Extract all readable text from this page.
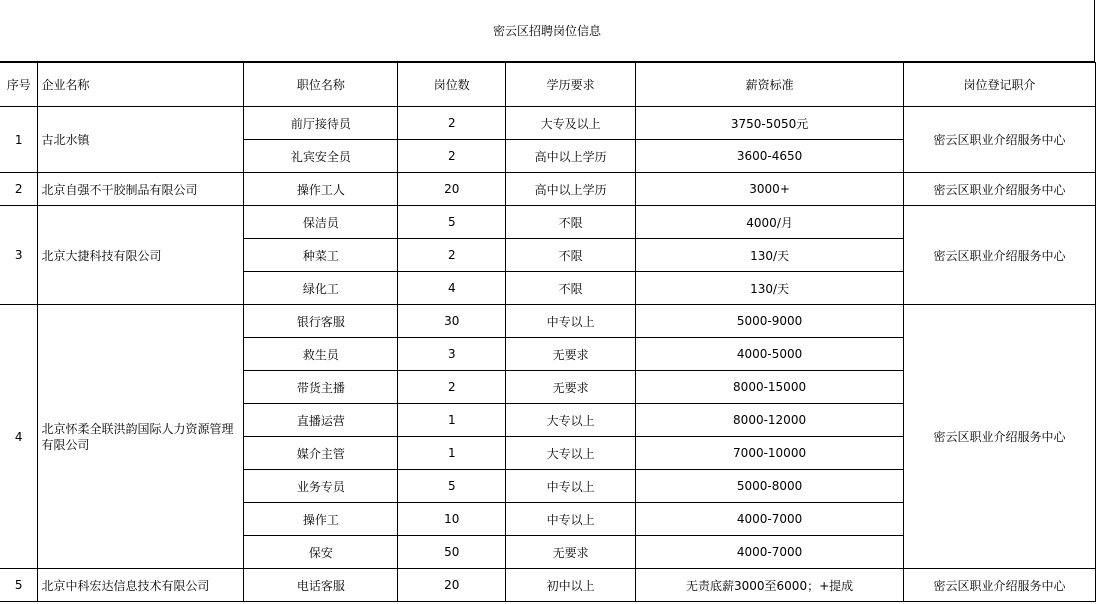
密云区招聘岗位信息
序号	企业名称	职位名称	岗位数	学历要求	薪资标准	岗位登记职介
1	古北水镇	前厅接待员	2	大专及以上	3750-5050元	密云区职业介绍服务中心
		礼宾安全员	2	高中以上学历	3600-4650	
2	北京自强不干胶制品有限公司	操作工人	20	高中以上学历	3000+	密云区职业介绍服务中心
3	北京大捷科技有限公司	保洁员	5	不限	4000/月	密云区职业介绍服务中心
		种菜工	2	不限	130/天	
		绿化工	4	不限	130/天	
4	北京怀柔全联洪韵国际人力资源管理有限公司	银行客服	30	中专以上	5000-9000	密云区职业介绍服务中心
		救生员	3	无要求	4000-5000	
		带货主播	2	无要求	8000-15000	
		直播运营	1	大专以上	8000-12000	
		媒介主管	1	大专以上	7000-10000	
		业务专员	5	中专以上	5000-8000	
		操作工	10	中专以上	4000-7000	
		保安	50	无要求	4000-7000	
5	北京中科宏达信息技术有限公司	电话客服	20	初中以上	无责底薪3000至6000；+提成	密云区职业介绍服务中心
